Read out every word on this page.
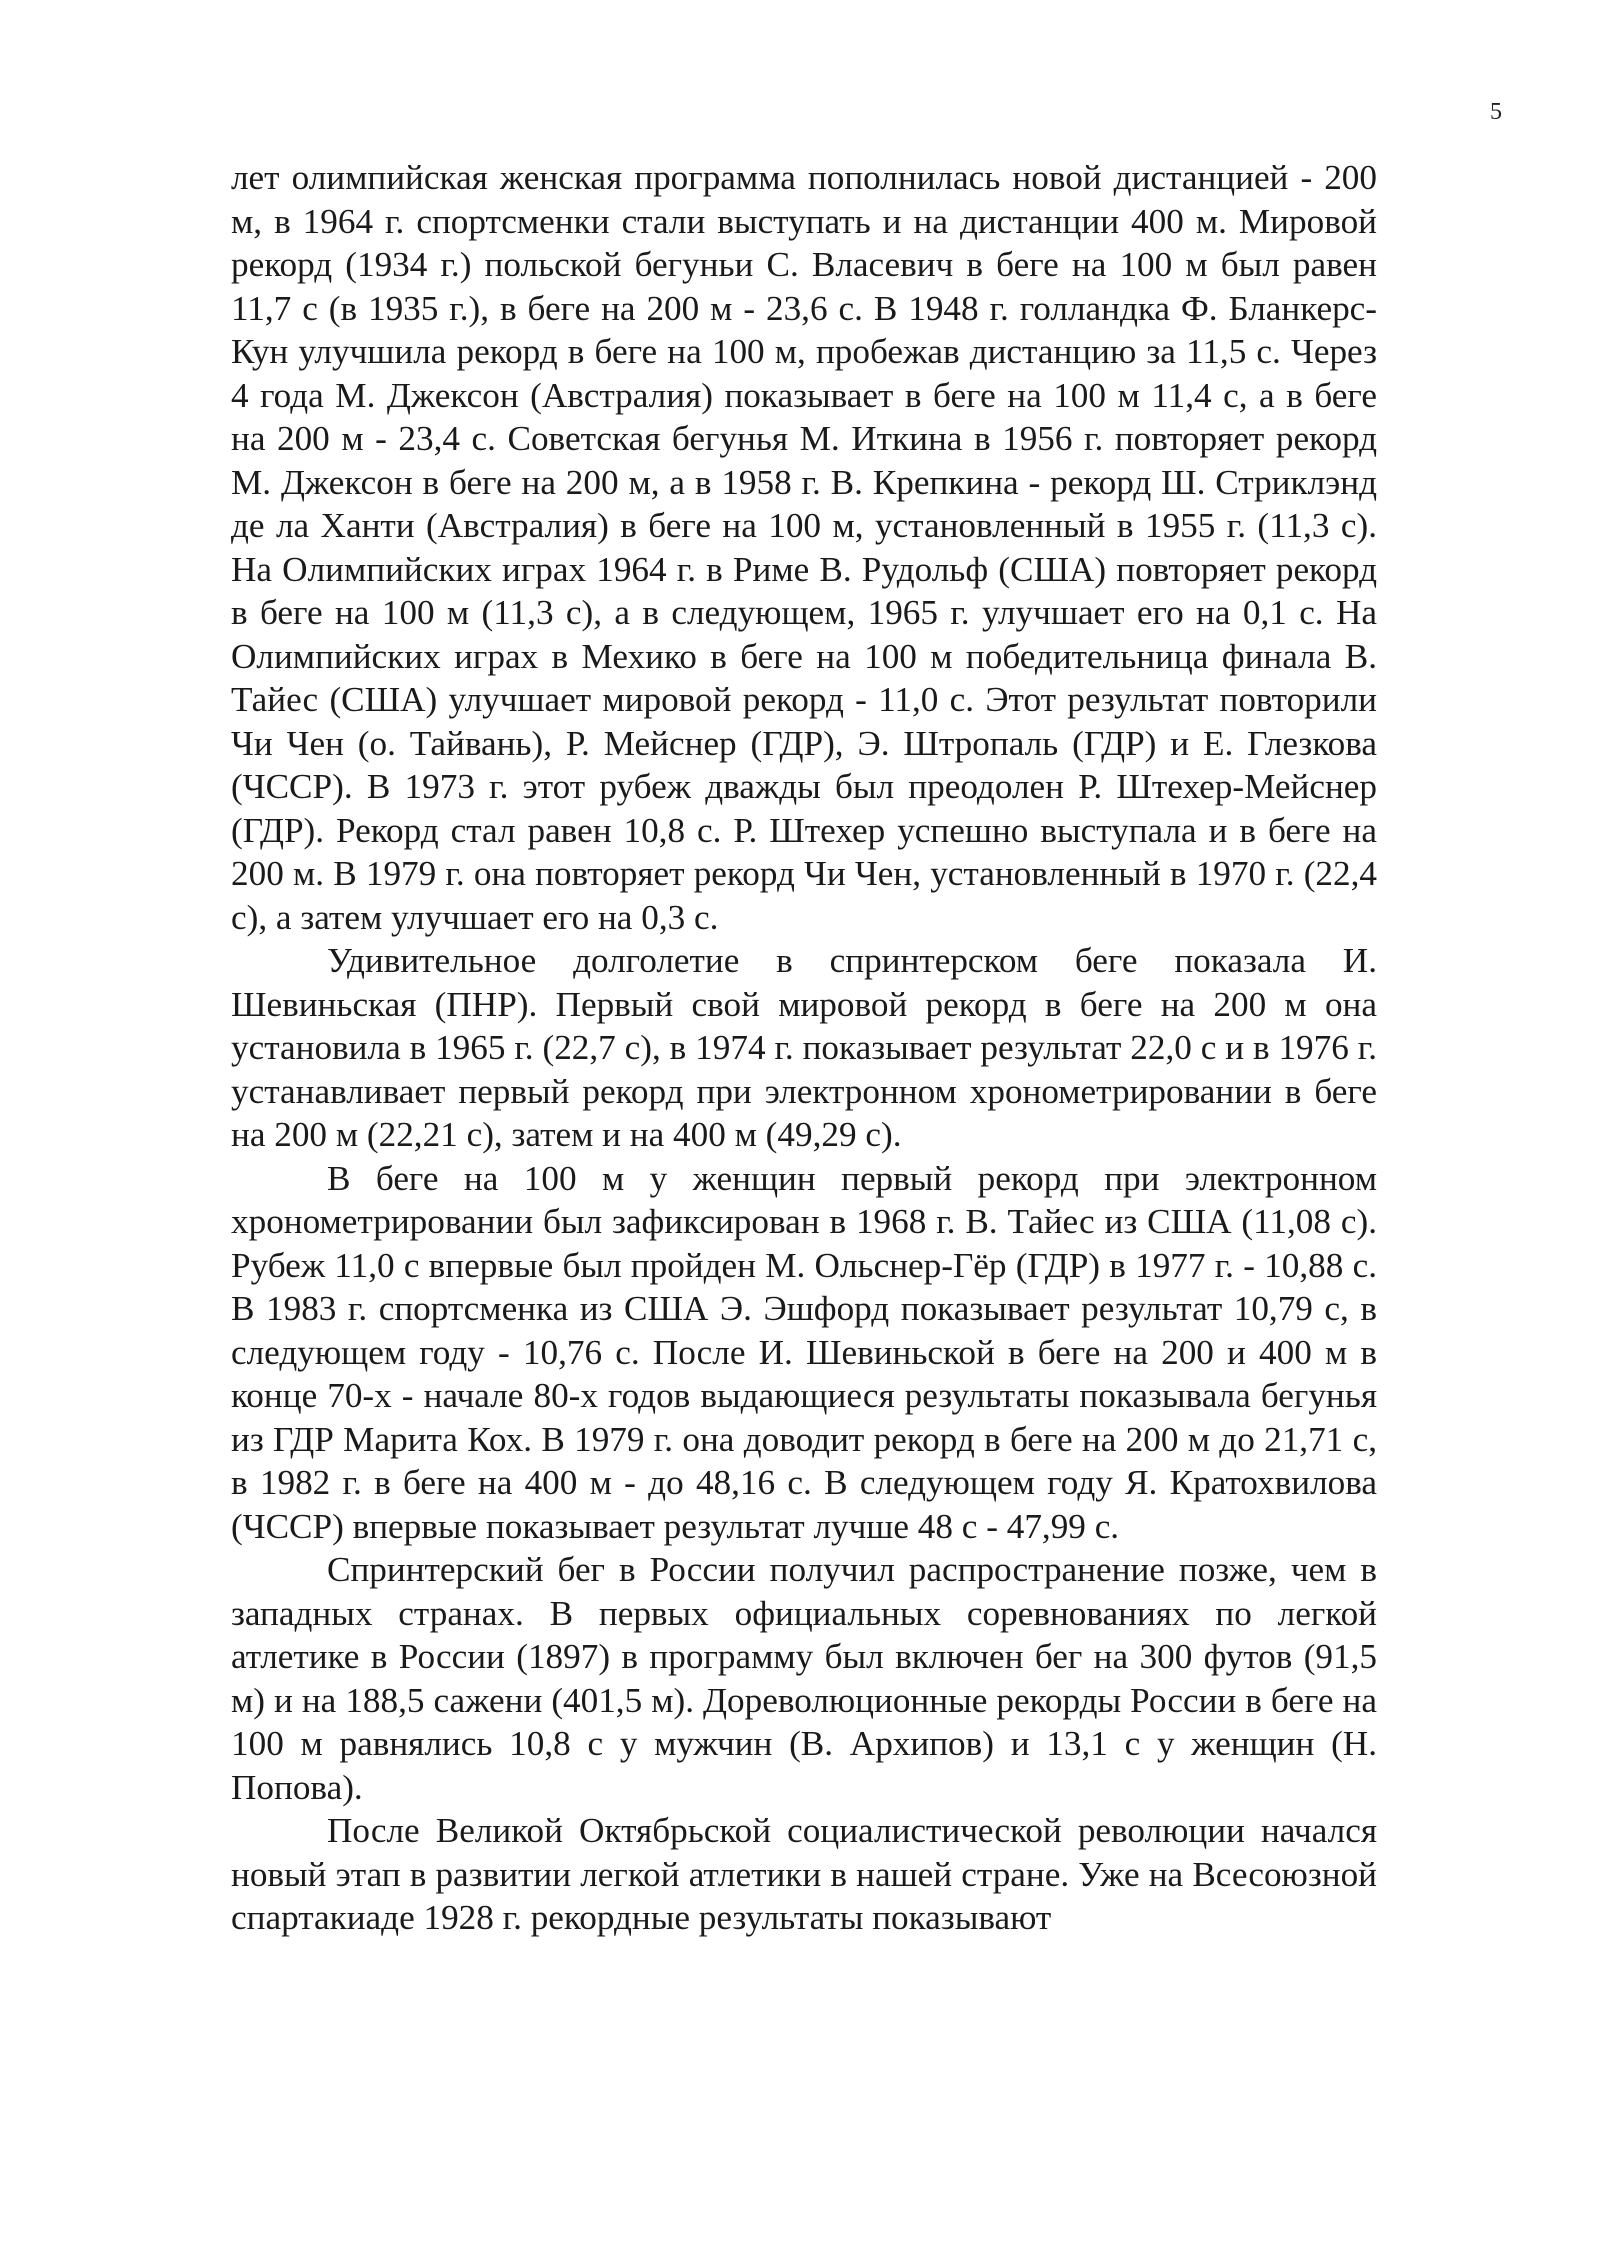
5

лет олимпийская женская программа пополнилась новой дистанцией - 200 м, в 1964 г. спортсменки стали выступать и на дистанции 400 м. Мировой рекорд (1934 г.) польской бегуньи С. Власевич в беге на 100 м был равен 11,7 с (в 1935 г.), в беге на 200 м - 23,6 с. В 1948 г. голландка Ф. Бланкерс-Кун улучшила рекорд в беге на 100 м, пробежав дистанцию за 11,5 с. Через 4 года М. Джексон (Австралия) показывает в беге на 100 м 11,4 с, а в беге на 200 м - 23,4 с. Советская бегунья М. Иткина в 1956 г. повторяет рекорд М. Джексон в беге на 200 м, а в 1958 г. В. Крепкина - рекорд Ш. Стриклэнд де ла Ханти (Австралия) в беге на 100 м, установленный в 1955 г. (11,3 с). На Олимпийских играх 1964 г. в Риме В. Рудольф (США) повторяет рекорд в беге на 100 м (11,3 с), а в следующем, 1965 г. улучшает его на 0,1 с. На Олимпийских играх в Мехико в беге на 100 м победительница финала В. Тайес (США) улучшает мировой рекорд - 11,0 с. Этот результат повторили Чи Чен (о. Тайвань), Р. Мейснер (ГДР), Э. Штропаль (ГДР) и Е. Глезкова (ЧССР). В 1973 г. этот рубеж дважды был преодолен Р. Штехер-Мейснер (ГДР). Рекорд стал равен 10,8 с. Р. Штехер успешно выступала и в беге на 200 м. В 1979 г. она повторяет рекорд Чи Чен, установленный в 1970 г. (22,4 с), а затем улучшает его на 0,3 с.

Удивительное долголетие в спринтерском беге показала И. Шевиньская (ПНР). Первый свой мировой рекорд в беге на 200 м она установила в 1965 г. (22,7 с), в 1974 г. показывает результат 22,0 с и в 1976 г. устанавливает первый рекорд при электронном хронометрировании в беге на 200 м (22,21 с), затем и на 400 м (49,29 с).

В беге на 100 м у женщин первый рекорд при электронном хронометрировании был зафиксирован в 1968 г. В. Тайес из США (11,08 с). Рубеж 11,0 с впервые был пройден М. Ольснер-Гёр (ГДР) в 1977 г. - 10,88 с. В 1983 г. спортсменка из США Э. Эшфорд показывает результат 10,79 с, в следующем году - 10,76 с. После И. Шевиньской в беге на 200 и 400 м в конце 70-х - начале 80-х годов выдающиеся результаты показывала бегунья из ГДР Марита Кох. В 1979 г. она доводит рекорд в беге на 200 м до 21,71 с, в 1982 г. в беге на 400 м - до 48,16 с. В следующем году Я. Кратохвилова (ЧССР) впервые показывает результат лучше 48 с - 47,99 с.

Спринтерский бег в России получил распространение позже, чем в западных странах. В первых официальных соревнованиях по легкой атлетике в России (1897) в программу был включен бег на 300 футов (91,5 м) и на 188,5 сажени (401,5 м). Дореволюционные рекорды России в беге на 100 м равнялись 10,8 с у мужчин (В. Архипов) и 13,1 с у женщин (Н. Попова).

После Великой Октябрьской социалистической революции начался новый этап в развитии легкой атлетики в нашей стране. Уже на Всесоюзной спартакиаде 1928 г. рекордные результаты показывают
